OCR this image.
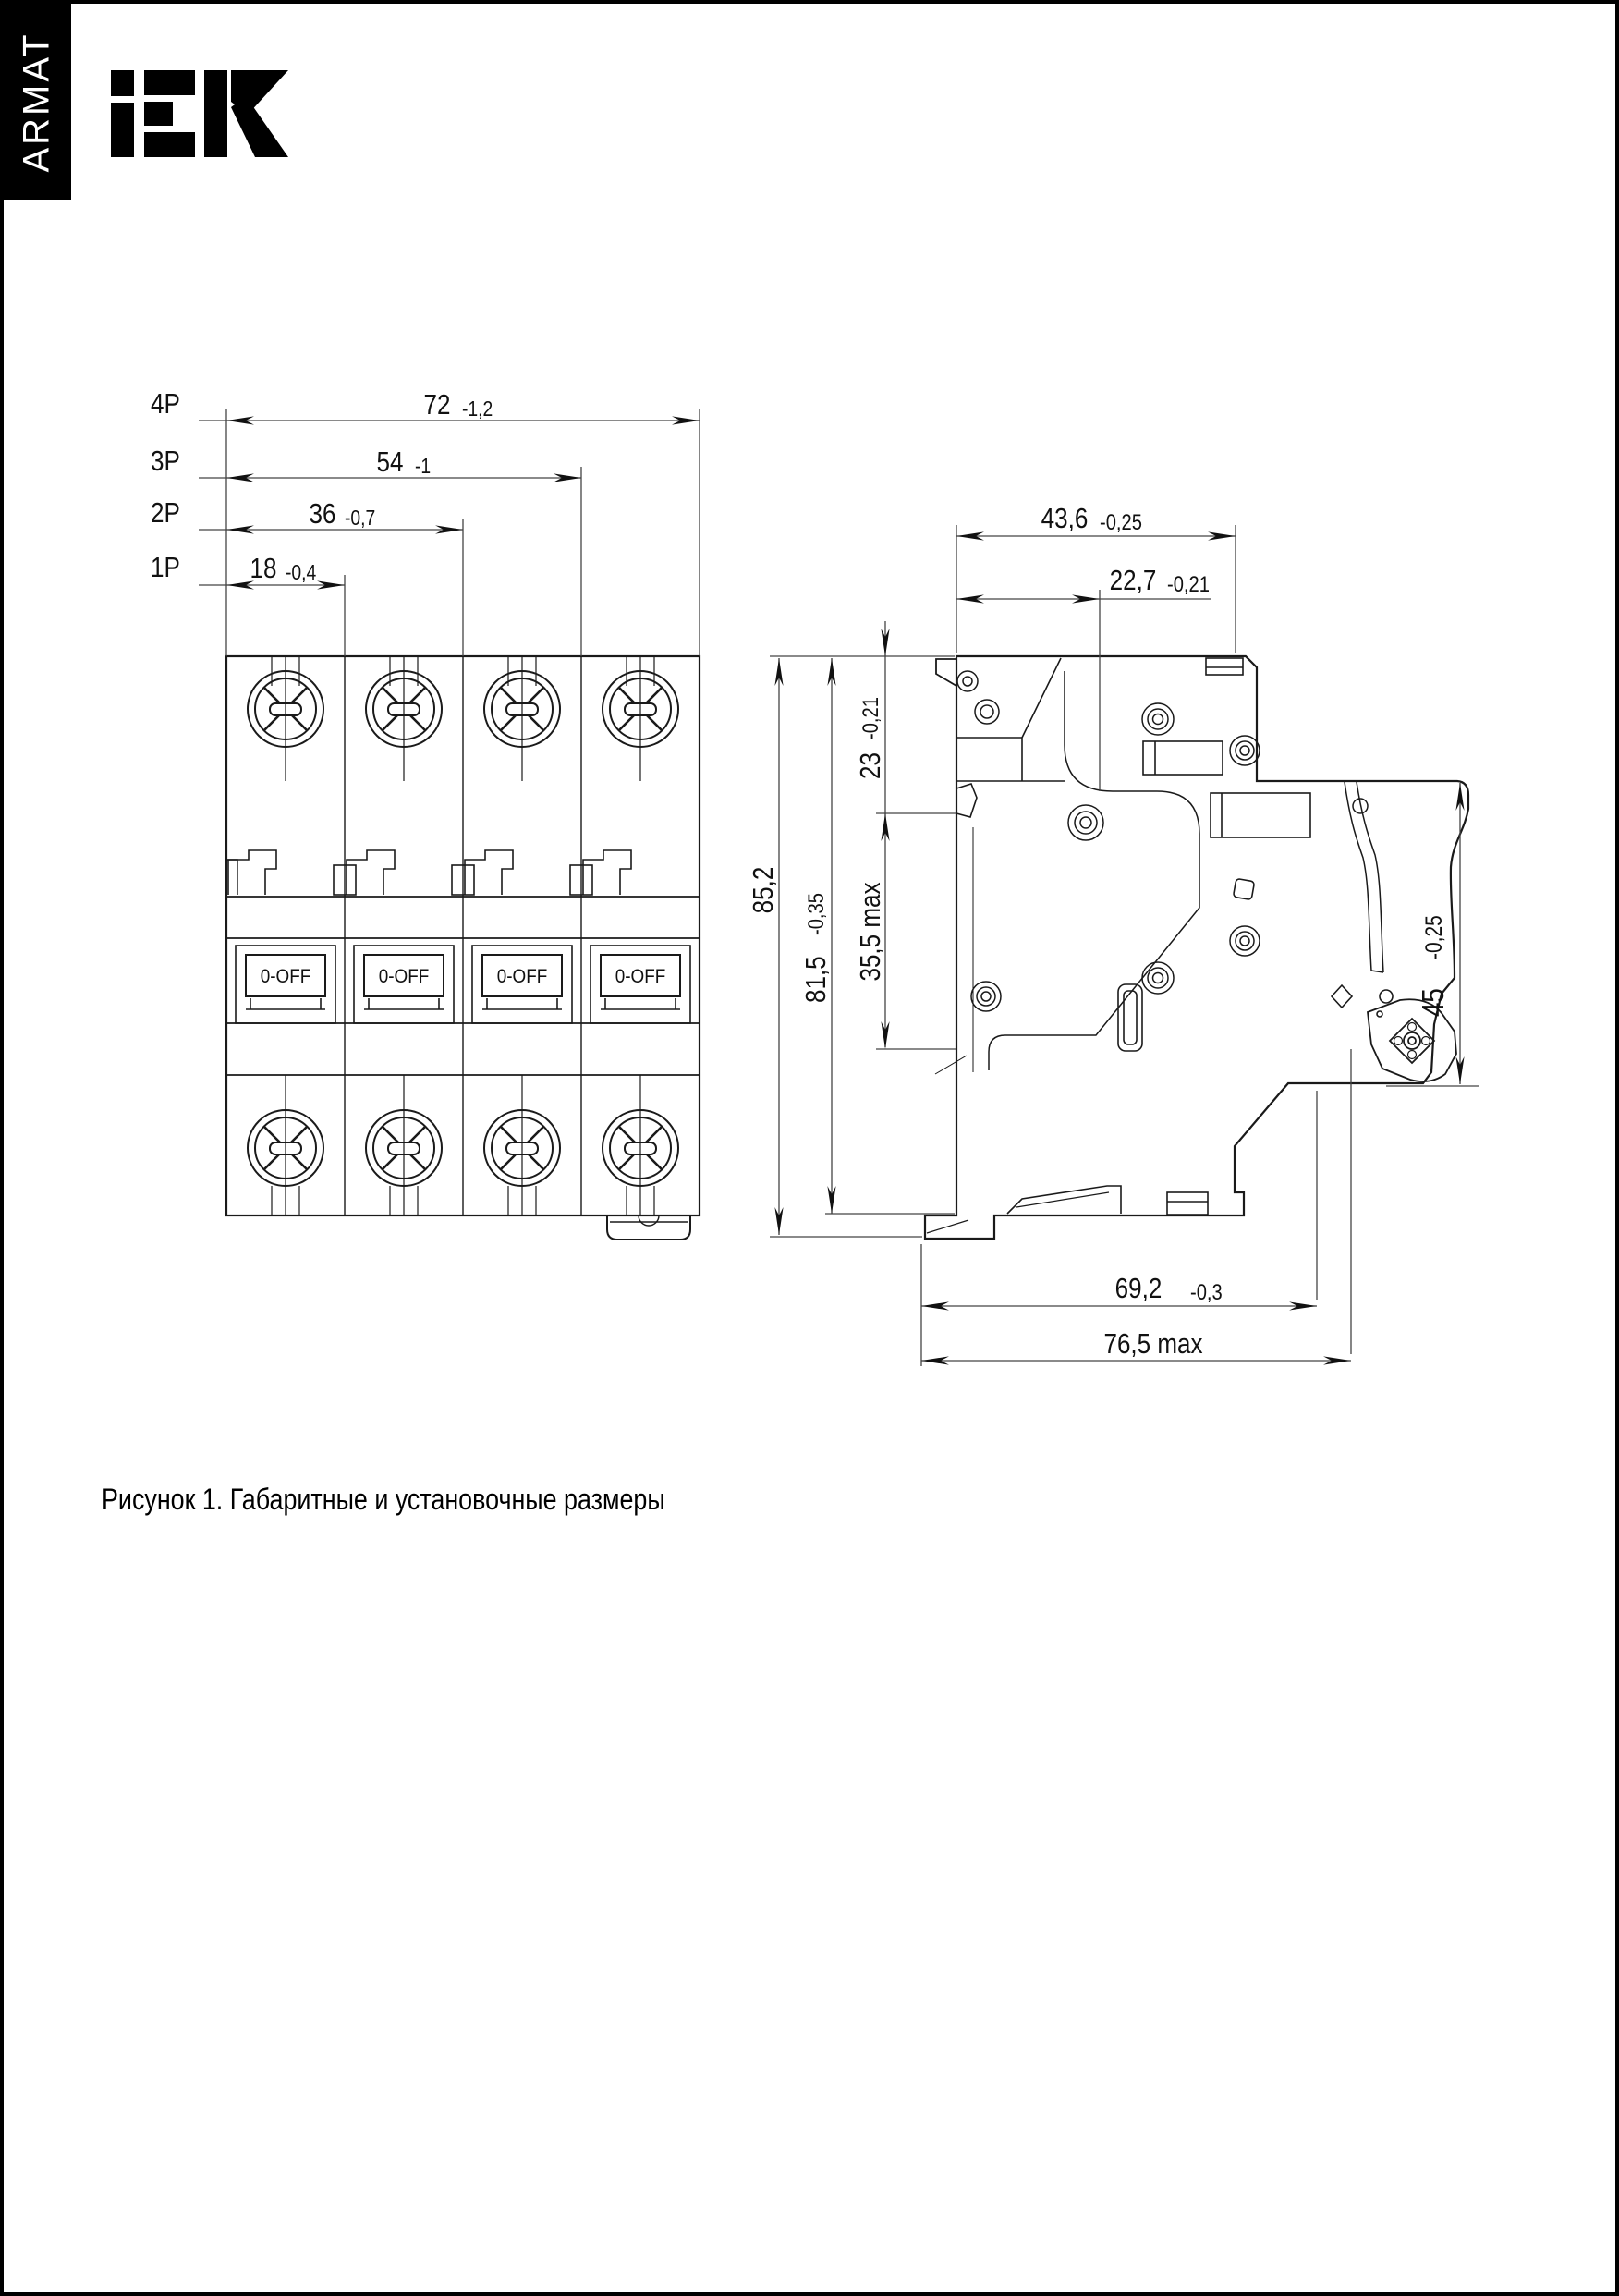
ARMAT
4P
3P
2P
1P
72 -1,2
54 -1
36 -0,7
18 -0,4
43,6 -0,25
22,7 -0,21
23
-0,21
35,5 max
85,2
81,5
-0,35
45
-0,25
69,2 -0,3
76,5 max
0-OFF	0-OFF	0-OFF	0-OFF
Рисунок 1. Габаритные и установочные размеры
